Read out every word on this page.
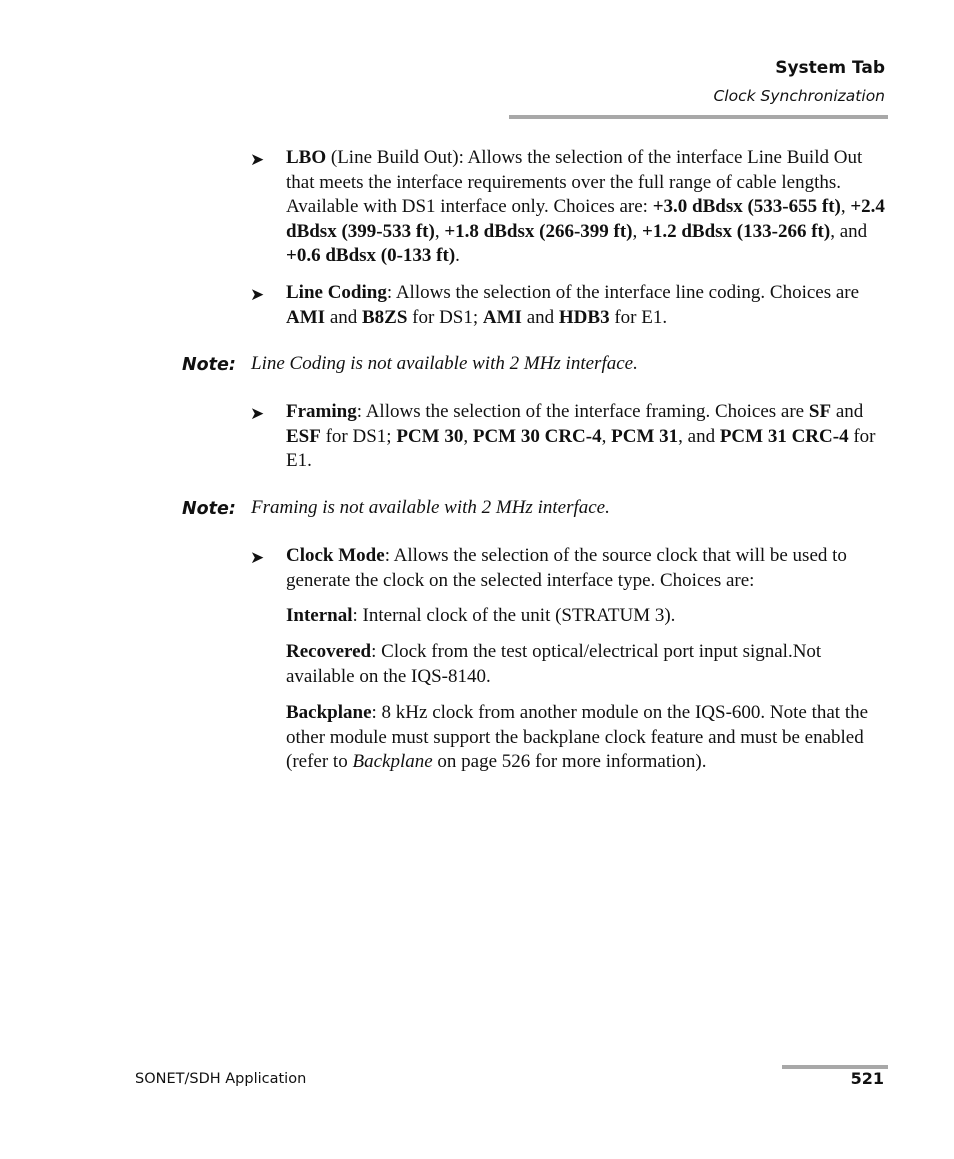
System Tab
Clock Synchronization
➤	LBO (Line Build Out): Allows the selection of the interface Line Build Out that meets the interface requirements over the full range of cable lengths. Available with DS1 interface only. Choices are: +3.0 dBdsx (533-655 ft), +2.4 dBdsx (399-533 ft), +1.8 dBdsx (266-399 ft), +1.2 dBdsx (133-266 ft), and +0.6 dBdsx (0-133 ft).
➤	Line Coding: Allows the selection of the interface line coding. Choices are AMI and B8ZS for DS1; AMI and HDB3 for E1.
Note: Line Coding is not available with 2 MHz interface.
➤	Framing: Allows the selection of the interface framing. Choices are SF and ESF for DS1; PCM 30, PCM 30 CRC-4, PCM 31, and PCM 31 CRC-4 for E1.
Note: Framing is not available with 2 MHz interface.
➤	Clock Mode: Allows the selection of the source clock that will be used to generate the clock on the selected interface type. Choices are:
Internal: Internal clock of the unit (STRATUM 3).
Recovered: Clock from the test optical/electrical port input signal.Not available on the IQS-8140.
Backplane: 8 kHz clock from another module on the IQS-600. Note that the other module must support the backplane clock feature and must be enabled (refer to Backplane on page 526 for more information).
SONET/SDH Application	521
